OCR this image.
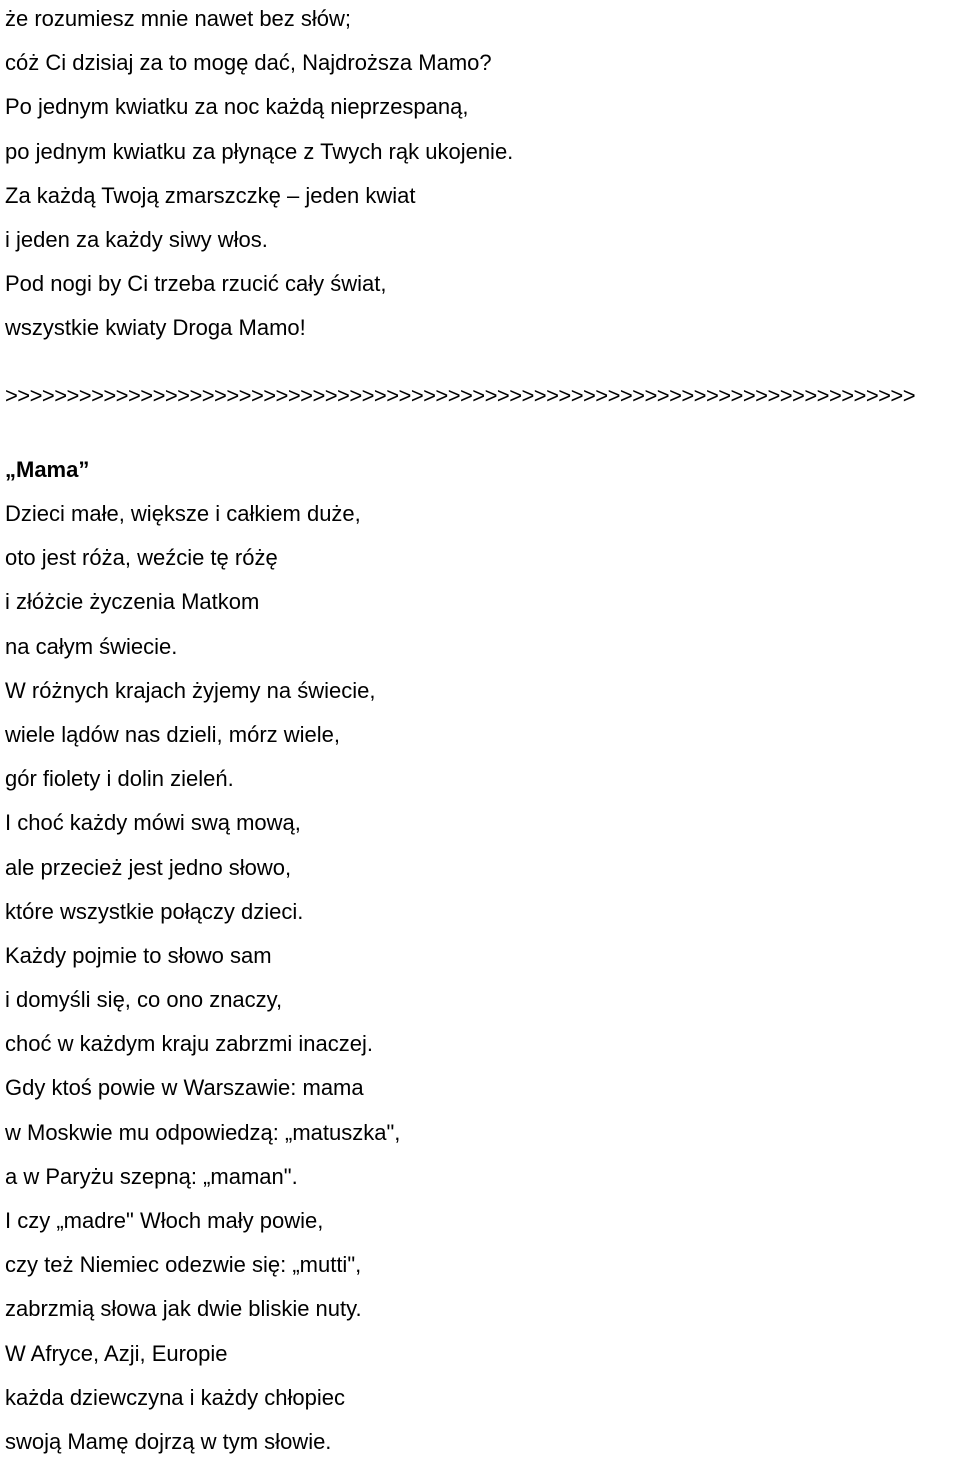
że rozumiesz mnie nawet bez słów;
cóż Ci dzisiaj za to mogę dać, Najdroższa Mamo?
Po jednym kwiatku za noc każdą nieprzespaną,
po jednym kwiatku za płynące z Twych rąk ukojenie.
Za każdą Twoją zmarszczkę – jeden kwiat
i jeden za każdy siwy włos.
Pod nogi by Ci trzeba rzucić cały świat,
wszystkie kwiaty Droga Mamo!
>>>>>>>>>>>>>>>>>>>>>>>>>>>>>>>>>>>>>>>>>>>>>>>>>>>>>>>>>>>>>>>>>>>>>>>>>>
„Mama”
Dzieci małe, większe i całkiem duże,
oto jest róża, weźcie tę różę
i złóżcie życzenia Matkom
na całym świecie.
W różnych krajach żyjemy na świecie,
wiele lądów nas dzieli, mórz wiele,
gór fiolety i dolin zieleń.
I choć każdy mówi swą mową,
ale przecież jest jedno słowo,
które wszystkie połączy dzieci.
Każdy pojmie to słowo sam
i domyśli się, co ono znaczy,
choć w każdym kraju zabrzmi inaczej.
Gdy ktoś powie w Warszawie: mama
w Moskwie mu odpowiedzą: „matuszka",
a w Paryżu szepną: „maman".
I czy „madre" Włoch mały powie,
czy też Niemiec odezwie się: „mutti",
zabrzmią słowa jak dwie bliskie nuty.
W Afryce, Azji, Europie
każda dziewczyna i każdy chłopiec
swoją Mamę dojrzą w tym słowie.
